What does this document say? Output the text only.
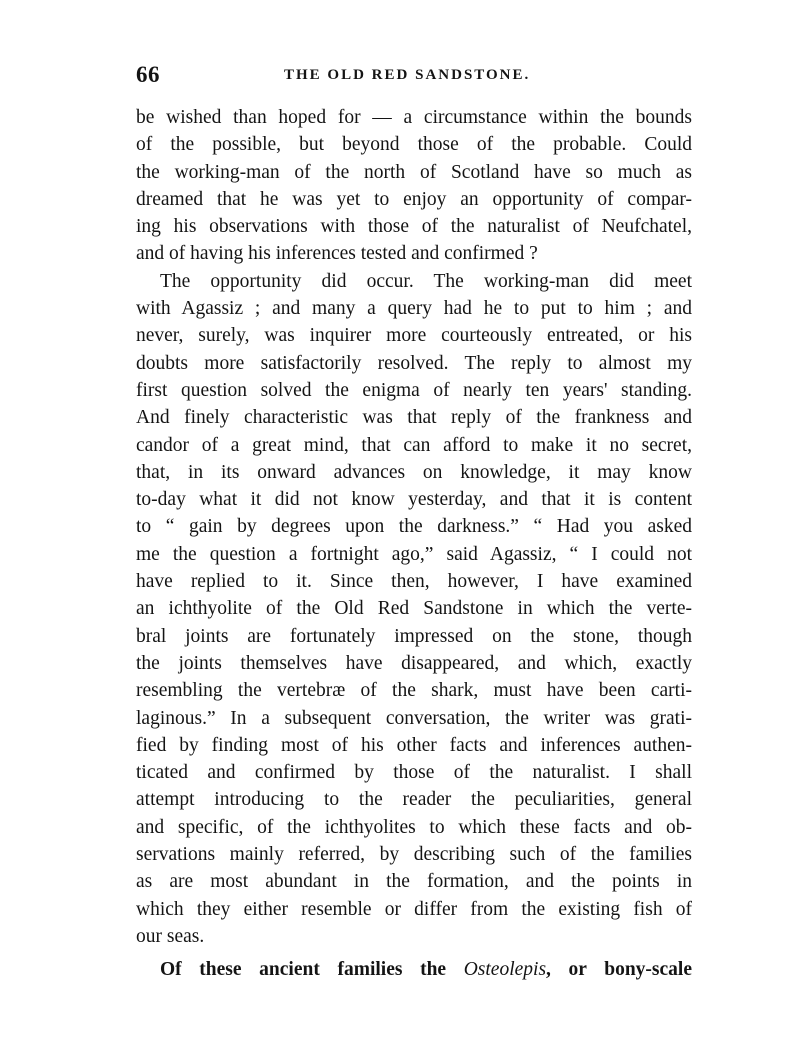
66	THE OLD RED SANDSTONE.
be wished than hoped for — a circumstance within the bounds
of the possible, but beyond those of the probable. Could
the working-man of the north of Scotland have so much as
dreamed that he was yet to enjoy an opportunity of compar-
ing his observations with those of the naturalist of Neufchatel,
and of having his inferences tested and confirmed ?
The opportunity did occur. The working-man did meet
with Agassiz ; and many a query had he to put to him ; and
never, surely, was inquirer more courteously entreated, or his
doubts more satisfactorily resolved. The reply to almost my
first question solved the enigma of nearly ten years' standing.
And finely characteristic was that reply of the frankness and
candor of a great mind, that can afford to make it no secret,
that, in its onward advances on knowledge, it may know
to-day what it did not know yesterday, and that it is content
to “ gain by degrees upon the darkness.” “ Had you asked
me the question a fortnight ago,” said Agassiz, “ I could not
have replied to it. Since then, however, I have examined
an ichthyolite of the Old Red Sandstone in which the verte-
bral joints are fortunately impressed on the stone, though
the joints themselves have disappeared, and which, exactly
resembling the vertebræ of the shark, must have been carti-
laginous.” In a subsequent conversation, the writer was grati-
fied by finding most of his other facts and inferences authen-
ticated and confirmed by those of the naturalist. I shall
attempt introducing to the reader the peculiarities, general
and specific, of the ichthyolites to which these facts and ob-
servations mainly referred, by describing such of the families
as are most abundant in the formation, and the points in
which they either resemble or differ from the existing fish of
our seas.
Of these ancient families the Osteolepis, or bony-scale
